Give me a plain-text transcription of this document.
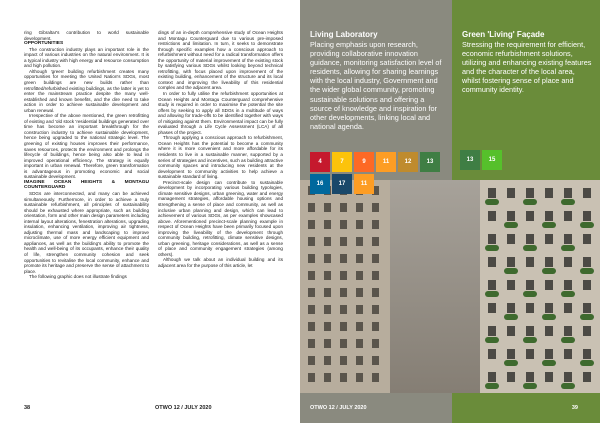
ring Gibraltar's contribution to world sustainable development.

OPPORTUNITIES

The construction industry plays an important role in the impact of various industries on the natural environment. It is a typical industry with high energy and resource consumption and high pollution.

Although 'green' building refurbishment creates many opportunities for meeting the United Nation's SDGs, most green buildings are new builds rather than retrofitted/refurbished existing buildings, as the latter is yet to enter the mainstream practice despite the many well-established and known benefits, and the dire need to take action in order to achieve sustainable development and urban renewal.

Irrespective of the above mentioned, the green retrofitting of existing and 'old stock 'residential buildings generated over time has become an important breakthrough for the construction industry to achieve sustainable development, hence being upgraded to the national strategic level. The greening of existing houses improves their performance, saves resources, protects the environment and prolongs the lifecycle of buildings, hence being also able to lead in improved operational efficiency. The strategy is equally important in urban renewal. Therefore, green transformation is advantageous in promoting economic and social sustainable development.

IMAGINE OCEAN HEIGHTS & MONTAGU COUNTERGUARD

SDGs are interconnected, and many can be achieved simultaneously. Furthermore, in order to achieve a truly sustainable refurbishment, all principles of sustainability should be exhausted where appropriate, such as building orientation, form and other main design parameters including internal layout alterations, fenestration alterations, upgrading insulation, enhancing ventilation, improving air tightness, adjusting thermal mass and landscaping to improve microclimate, use of more energy efficient equipment and appliances, as well as the building's ability to promote the health and well-being of its occupants, enhance their quality of life, strengthen community cohesion and seek opportunities to revitalise the local community, enhance and promote its heritage and preserve the sense of attachment to place.

The following graphic does not illustrate findings

dings of an in-depth comprehensive study of Ocean Heights and Montagu Counterguard due to various pre-imposed restrictions and limitation. In turn, it seeks to demonstrate through specific examples how a conscious approach to refurbishment without need for a radical transformation offers the opportunity of material improvement of the existing stock by satisfying various SDGs whilst looking beyond technical retrofitting, with focus placed upon improvement of the existing building, enhancement of the structure and its local context and improving the liveability of this residential complex and the adjacent area.

In order to fully utilise the refurbishment opportunities at Ocean Heights and Montagu Counterguard comprehensive study is required in order to maximise the potential the site offers by seeking to apply all SDGs in a multitude of ways and allowing for trade-offs to be identified together with ways of mitigating against them. Environmental impact can be fully evaluated through a Life Cycle Assessment (LCA) of all phases of the project.

Through applying a conscious approach to refurbishment, Ocean Heights has the potential to become a community where it is more convenient and more affordable for its residents to live in a sustainable manner, supported by a series of strategies and incentives, such as building attractive community spaces and introducing new residents at the development to community activities to help achieve a sustainable standard of living.

Precinct-scale design can contribute to sustainable development by incorporating various building typologies, climate sensitive designs, urban greening, water and energy management strategies, affordable housing options and strengthening a sense of place and community, as well as inclusive urban planning and design, which can lead to achievement of various SDGs, as per examples showcased above. Aforementioned precinct-scale planning example in respect of Ocean Heights have been primarily focused upon improving the liveability of the development through community building, retrofitting, climate sensitive designs, urban greening, heritage considerations, as well as a sense of place and community engagement strategies (among others).

Although we talk about an individual building and its adjacent area for the purpose of this article, let

38	OTWO 12 / JULY 2020
Living Laboratory
Placing emphasis upon research, providing collaborative innovation guidance, monitoring satisfaction level of residents, allowing for sharing learnings with the local industry, Government and the wider global community, promoting sustainable solutions and offering a source of knowledge and inspiration for other developments, linking local and national agenda.
Green 'Living' Façade
Stressing the requirement for efficient, economic refurbishment solutions, utilizing and enhancing existing features and the character of the local area, whilst fostering sense of place and community identity.
4	7	9	11	12	13
16	17	11
13	15
OTWO 12 / JULY 2020	39
